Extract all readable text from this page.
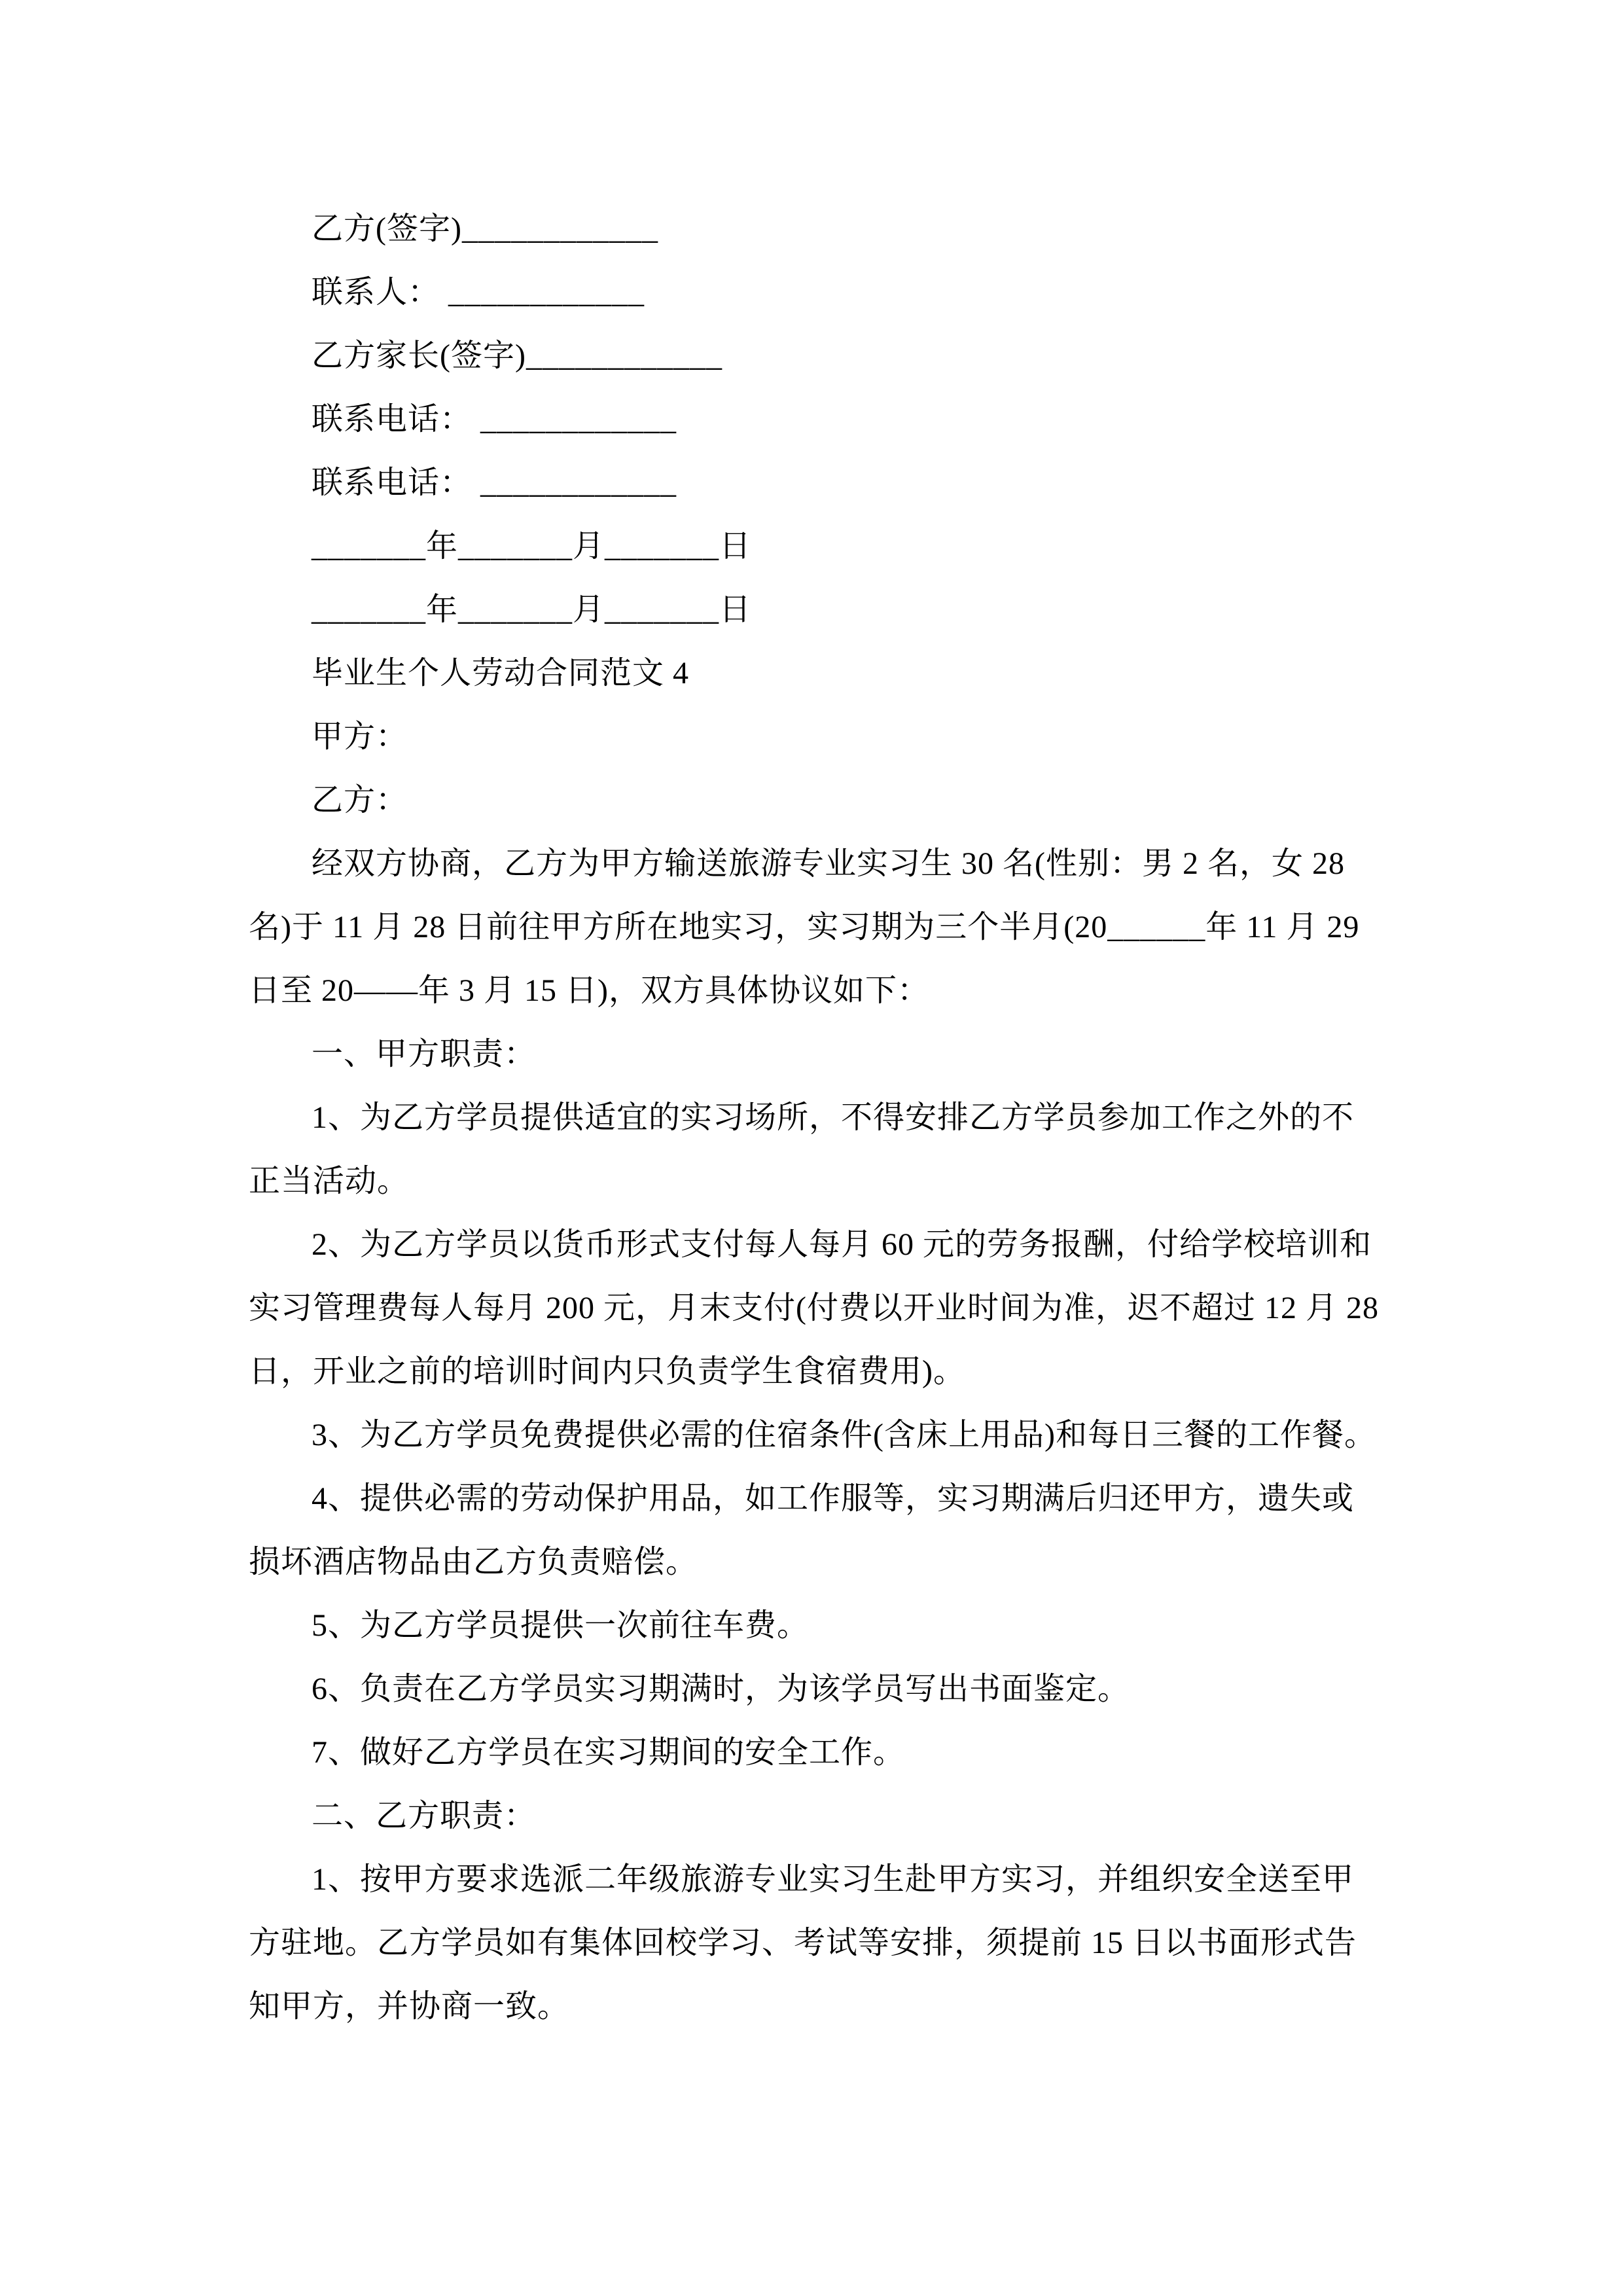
乙方(签字)____________
联系人： ____________
乙方家长(签字)____________
联系电话： ____________
联系电话： ____________
_______年_______月_______日
_______年_______月_______日
毕业生个人劳动合同范文 4
甲方：
乙方：
经双方协商，乙方为甲方输送旅游专业实习生 30 名(性别：男 2 名，女 28
名)于 11 月 28 日前往甲方所在地实习，实习期为三个半月(20______年 11 月 29
日至 20——年 3 月 15 日)，双方具体协议如下：
一、甲方职责：
1、为乙方学员提供适宜的实习场所，不得安排乙方学员参加工作之外的不
正当活动。
2、为乙方学员以货币形式支付每人每月 60 元的劳务报酬，付给学校培训和
实习管理费每人每月 200 元，月末支付(付费以开业时间为准，迟不超过 12 月 28
日，开业之前的培训时间内只负责学生食宿费用)。
3、为乙方学员免费提供必需的住宿条件(含床上用品)和每日三餐的工作餐。
4、提供必需的劳动保护用品，如工作服等，实习期满后归还甲方，遗失或
损坏酒店物品由乙方负责赔偿。
5、为乙方学员提供一次前往车费。
6、负责在乙方学员实习期满时，为该学员写出书面鉴定。
7、做好乙方学员在实习期间的安全工作。
二、乙方职责：
1、按甲方要求选派二年级旅游专业实习生赴甲方实习，并组织安全送至甲
方驻地。乙方学员如有集体回校学习、考试等安排，须提前 15 日以书面形式告
知甲方，并协商一致。
